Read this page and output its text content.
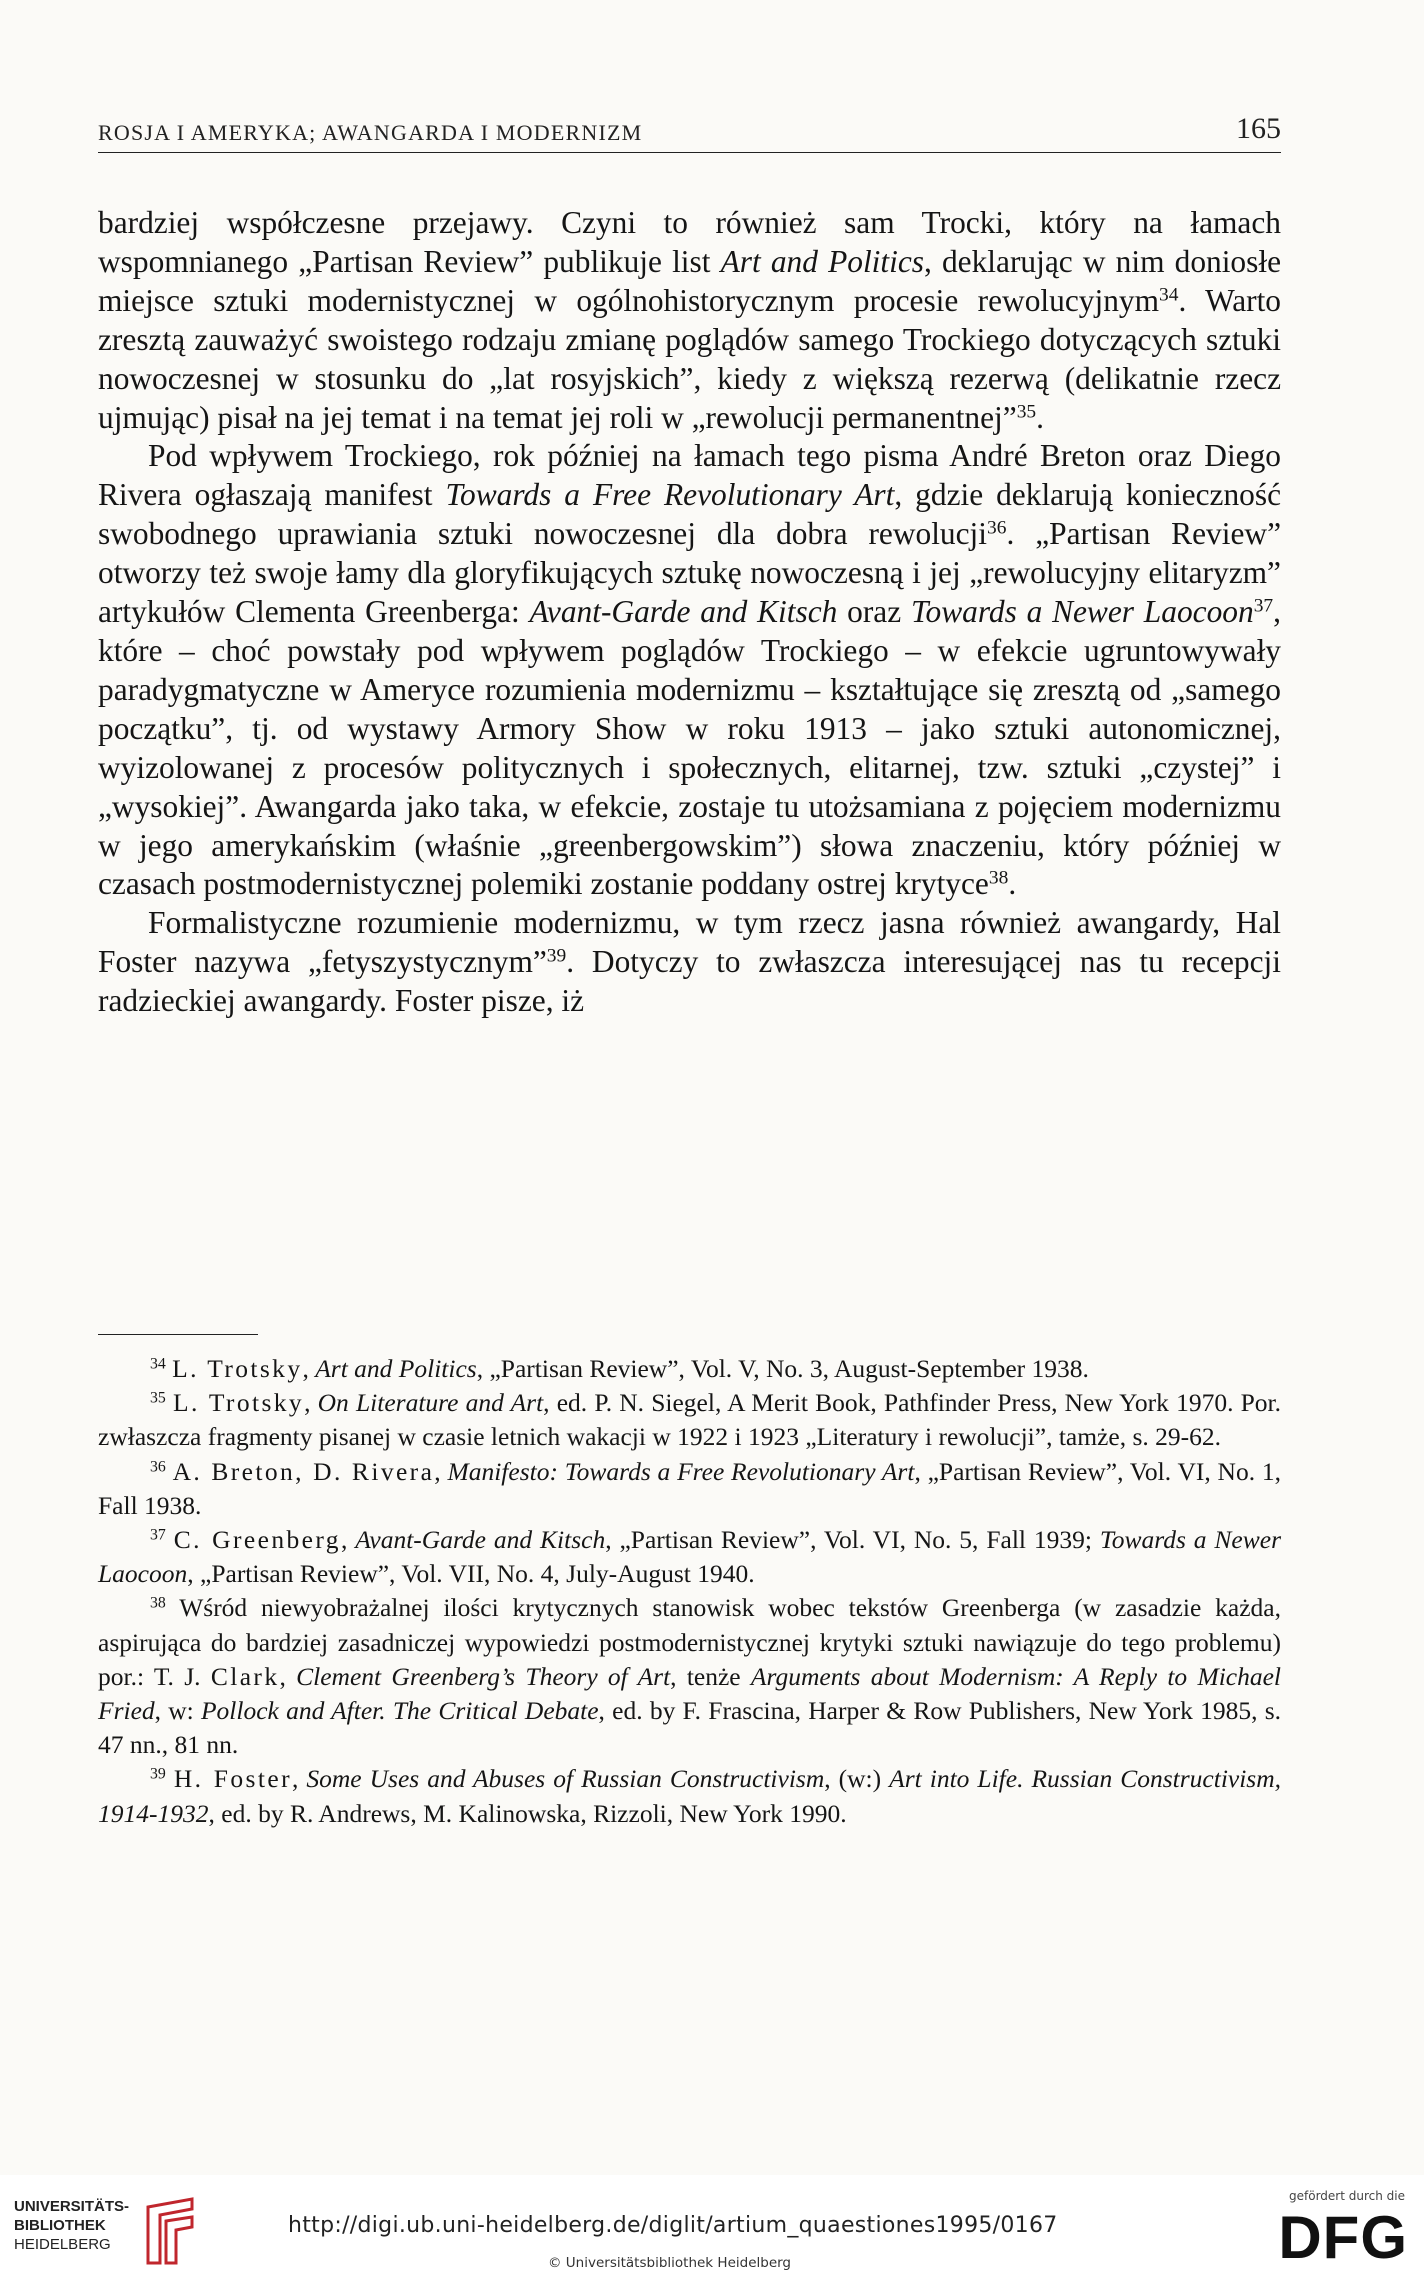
ROSJA I AMERYKA; AWANGARDA I MODERNIZM	165

bardziej współczesne przejawy. Czyni to również sam Trocki, który na łamach wspomnianego „Partisan Review” publikuje list Art and Politics, deklarując w nim doniosłe miejsce sztuki modernistycznej w ogólnohistorycznym procesie rewolucyjnym$^{34}$. Warto zresztą zauważyć swoistego rodzaju zmianę poglądów samego Trockiego dotyczących sztuki nowoczesnej w stosunku do „lat rosyjskich”, kiedy z większą rezerwą (delikatnie rzecz ujmując) pisał na jej temat i na temat jej roli w „rewolucji permanentnej”$^{35}$.

Pod wpływem Trockiego, rok później na łamach tego pisma André Breton oraz Diego Rivera ogłaszają manifest Towards a Free Revolutionary Art, gdzie deklarują konieczność swobodnego uprawiania sztuki nowoczesnej dla dobra rewolucji$^{36}$. „Partisan Review” otworzy też swoje łamy dla gloryfikujących sztukę nowoczesną i jej „rewolucyjny elitaryzm” artykułów Clementa Greenberga: Avant-Garde and Kitsch oraz Towards a Newer Laocoon$^{37}$, które – choć powstały pod wpływem poglądów Trockiego – w efekcie ugruntowywały paradygmatyczne w Ameryce rozumienia modernizmu – kształtujące się zresztą od „samego początku”, tj. od wystawy Armory Show w roku 1913 – jako sztuki autonomicznej, wyizolowanej z procesów politycznych i społecznych, elitarnej, tzw. sztuki „czystej” i „wysokiej”. Awangarda jako taka, w efekcie, zostaje tu utożsamiana z pojęciem modernizmu w jego amerykańskim (właśnie „greenbergowskim”) słowa znaczeniu, który później w czasach postmodernistycznej polemiki zostanie poddany ostrej krytyce$^{38}$.

Formalistyczne rozumienie modernizmu, w tym rzecz jasna również awangardy, Hal Foster nazywa „fetyszystycznym”$^{39}$. Dotyczy to zwłaszcza interesującej nas tu recepcji radzieckiej awangardy. Foster pisze, iż

$^{34}$ L. Trotsky, Art and Politics, „Partisan Review”, Vol. V, No. 3, August-September 1938.

$^{35}$ L. Trotsky, On Literature and Art, ed. P. N. Siegel, A Merit Book, Pathfinder Press, New York 1970. Por. zwłaszcza fragmenty pisanej w czasie letnich wakacji w 1922 i 1923 „Literatury i rewolucji”, tamże, s. 29-62.

$^{36}$ A. Breton, D. Rivera, Manifesto: Towards a Free Revolutionary Art, „Partisan Review”, Vol. VI, No. 1, Fall 1938.

$^{37}$ C. Greenberg, Avant-Garde and Kitsch, „Partisan Review”, Vol. VI, No. 5, Fall 1939; Towards a Newer Laocoon, „Partisan Review”, Vol. VII, No. 4, July-August 1940.

$^{38}$ Wśród niewyobrażalnej ilości krytycznych stanowisk wobec tekstów Greenberga (w zasadzie każda, aspirująca do bardziej zasadniczej wypowiedzi postmodernistycznej krytyki sztuki nawiązuje do tego problemu) por.: T. J. Clark, Clement Greenberg’s Theory of Art, tenże Arguments about Modernism: A Reply to Michael Fried, w: Pollock and After. The Critical Debate, ed. by F. Frascina, Harper & Row Publishers, New York 1985, s. 47 nn., 81 nn.

$^{39}$ H. Foster, Some Uses and Abuses of Russian Constructivism, (w:) Art into Life. Russian Constructivism, 1914-1932, ed. by R. Andrews, M. Kalinowska, Rizzoli, New York 1990.

UNIVERSITÄTS-
BIBLIOTHEK
HEIDELBERG
http://digi.ub.uni-heidelberg.de/diglit/artium_quaestiones1995/0167
© Universitätsbibliothek Heidelberg
gefördert durch die
DFG
